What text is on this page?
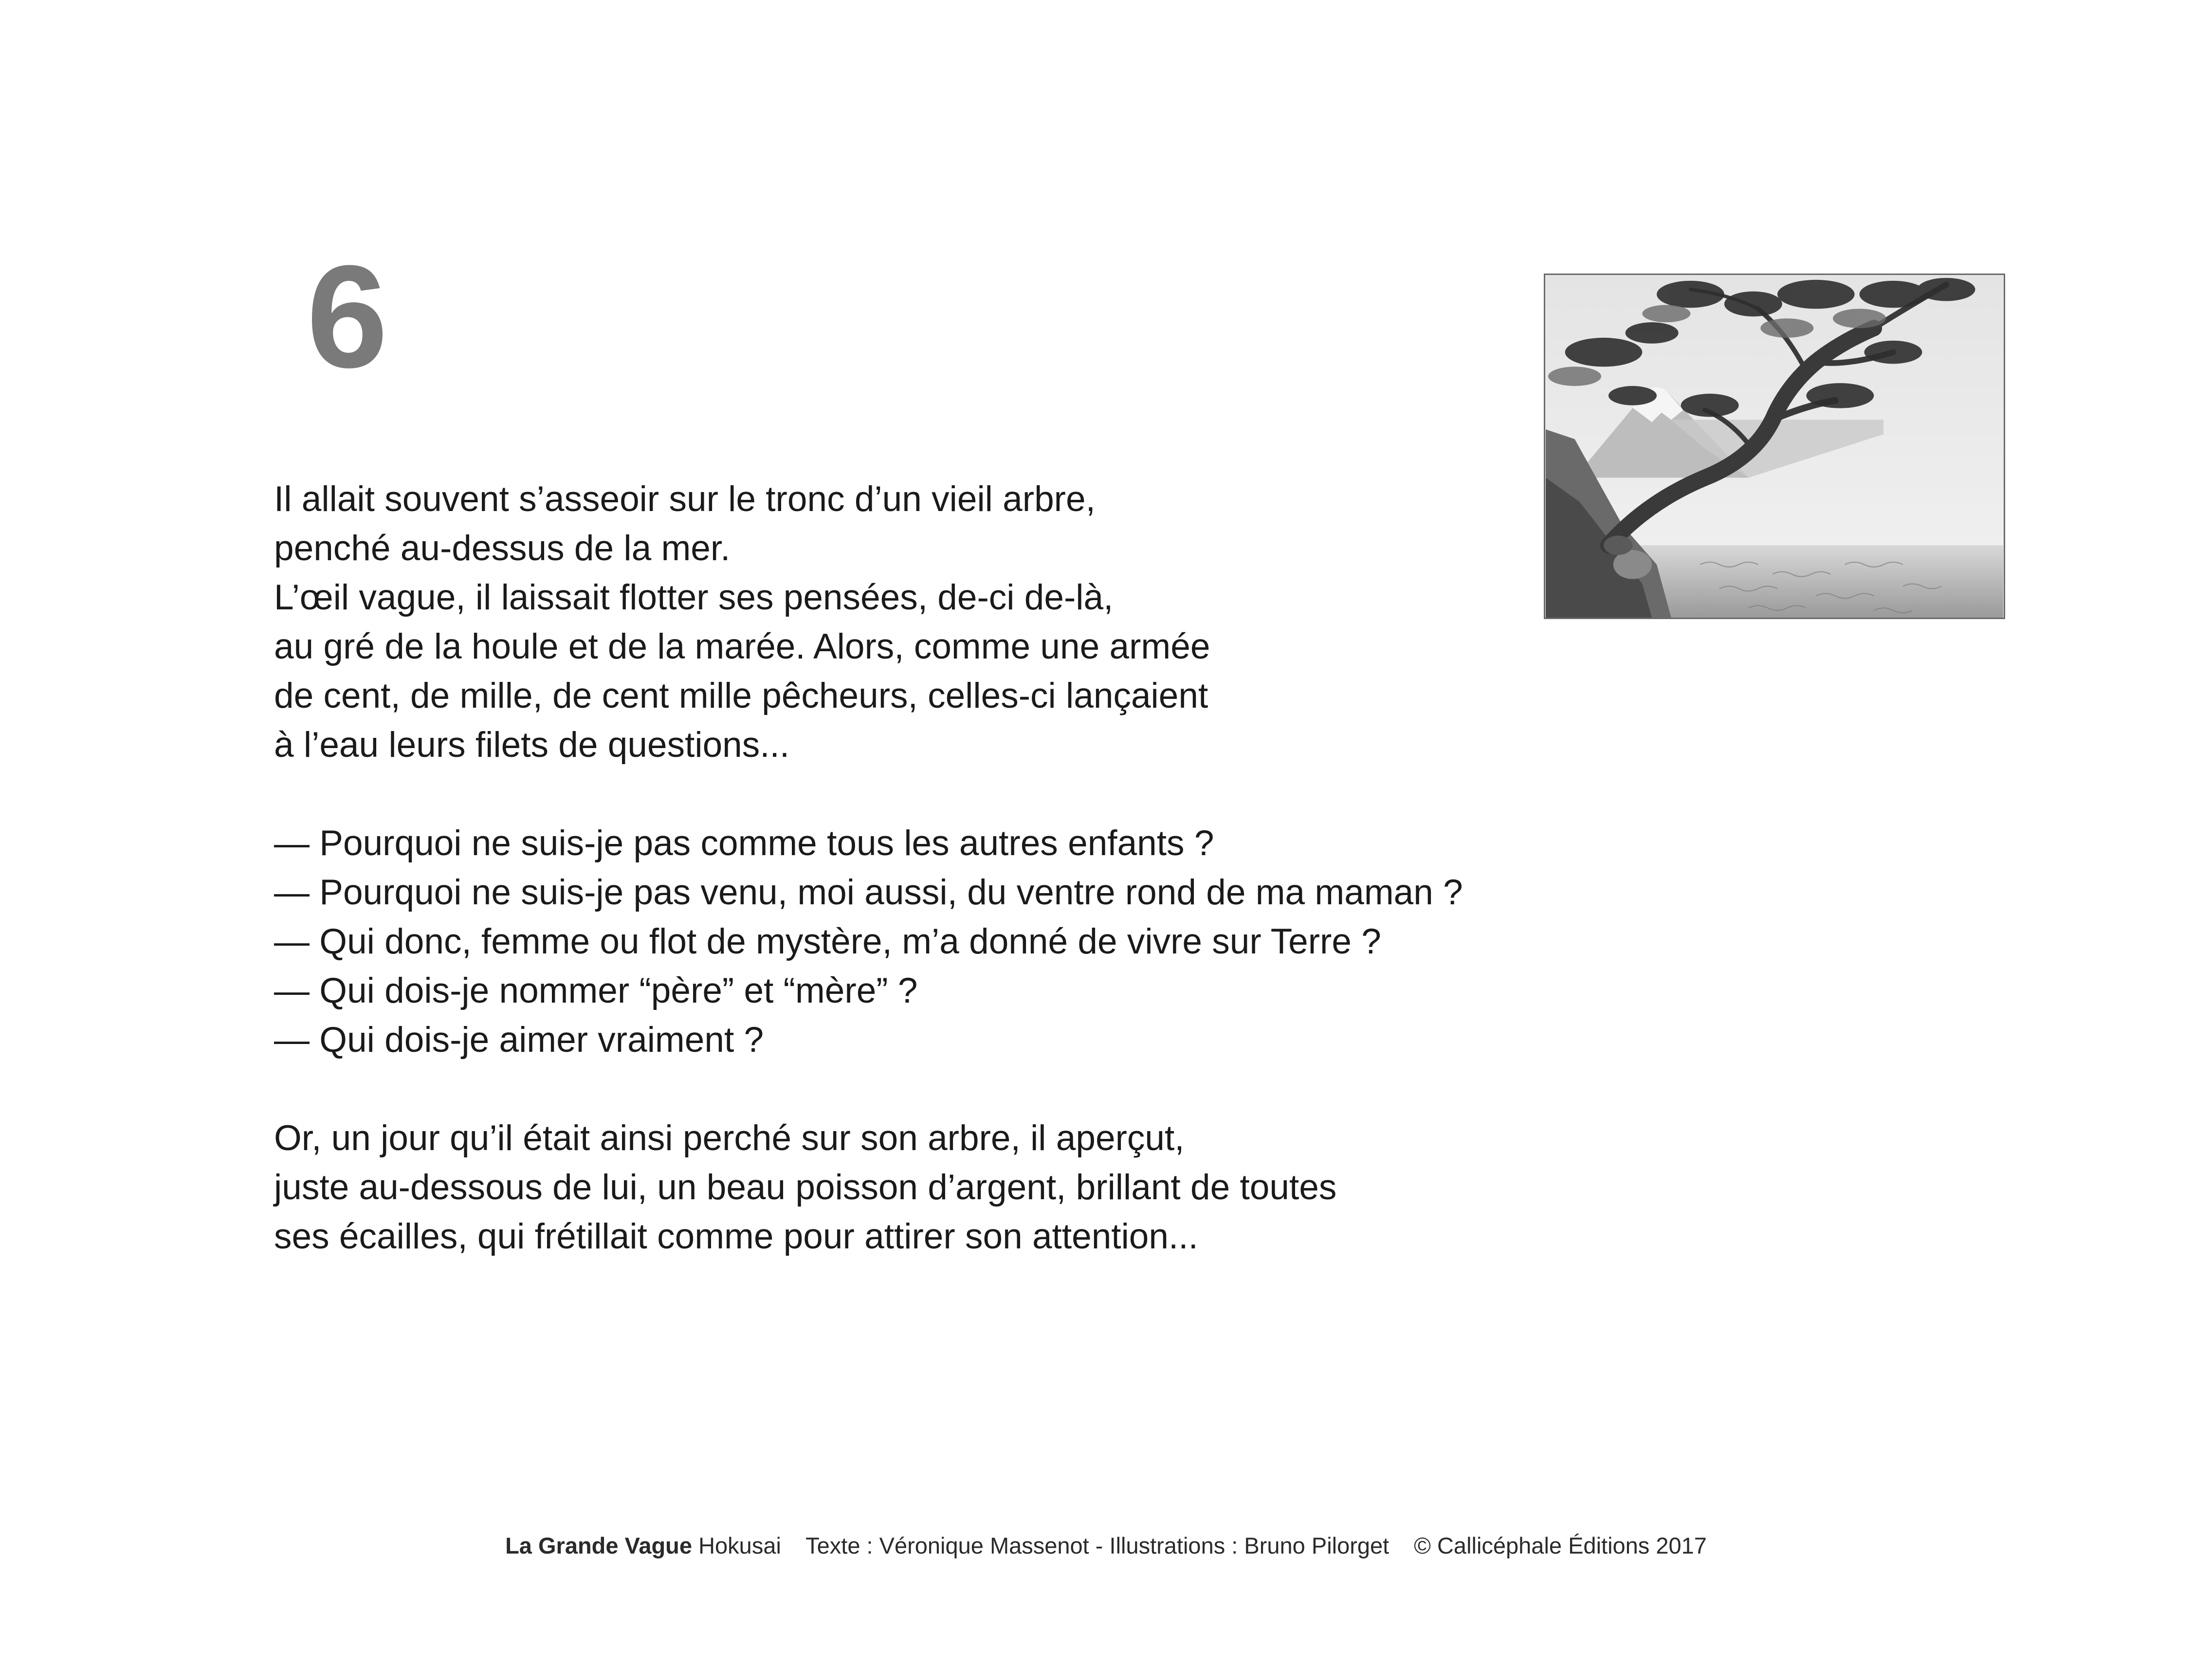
6

Il allait souvent s’asseoir sur le tronc d’un vieil arbre,
penché au-dessus de la mer.
L’œil vague, il laissait flotter ses pensées, de-ci de-là,
au gré de la houle et de la marée. Alors, comme une armée
de cent, de mille, de cent mille pêcheurs, celles-ci lançaient
à l’eau leurs filets de questions...

— Pourquoi ne suis-je pas comme tous les autres enfants ?
— Pourquoi ne suis-je pas venu, moi aussi, du ventre rond de ma maman ?
— Qui donc, femme ou flot de mystère, m’a donné de vivre sur Terre ?
— Qui dois-je nommer “père” et “mère” ?
— Qui dois-je aimer vraiment ?

Or, un jour qu’il était ainsi perché sur son arbre, il aperçut,
juste au-dessous de lui, un beau poisson d’argent, brillant de toutes
ses écailles, qui frétillait comme pour attirer son attention...

La Grande Vague Hokusai Texte : Véronique Massenot - Illustrations : Bruno Pilorget © Callicéphale Éditions 2017
